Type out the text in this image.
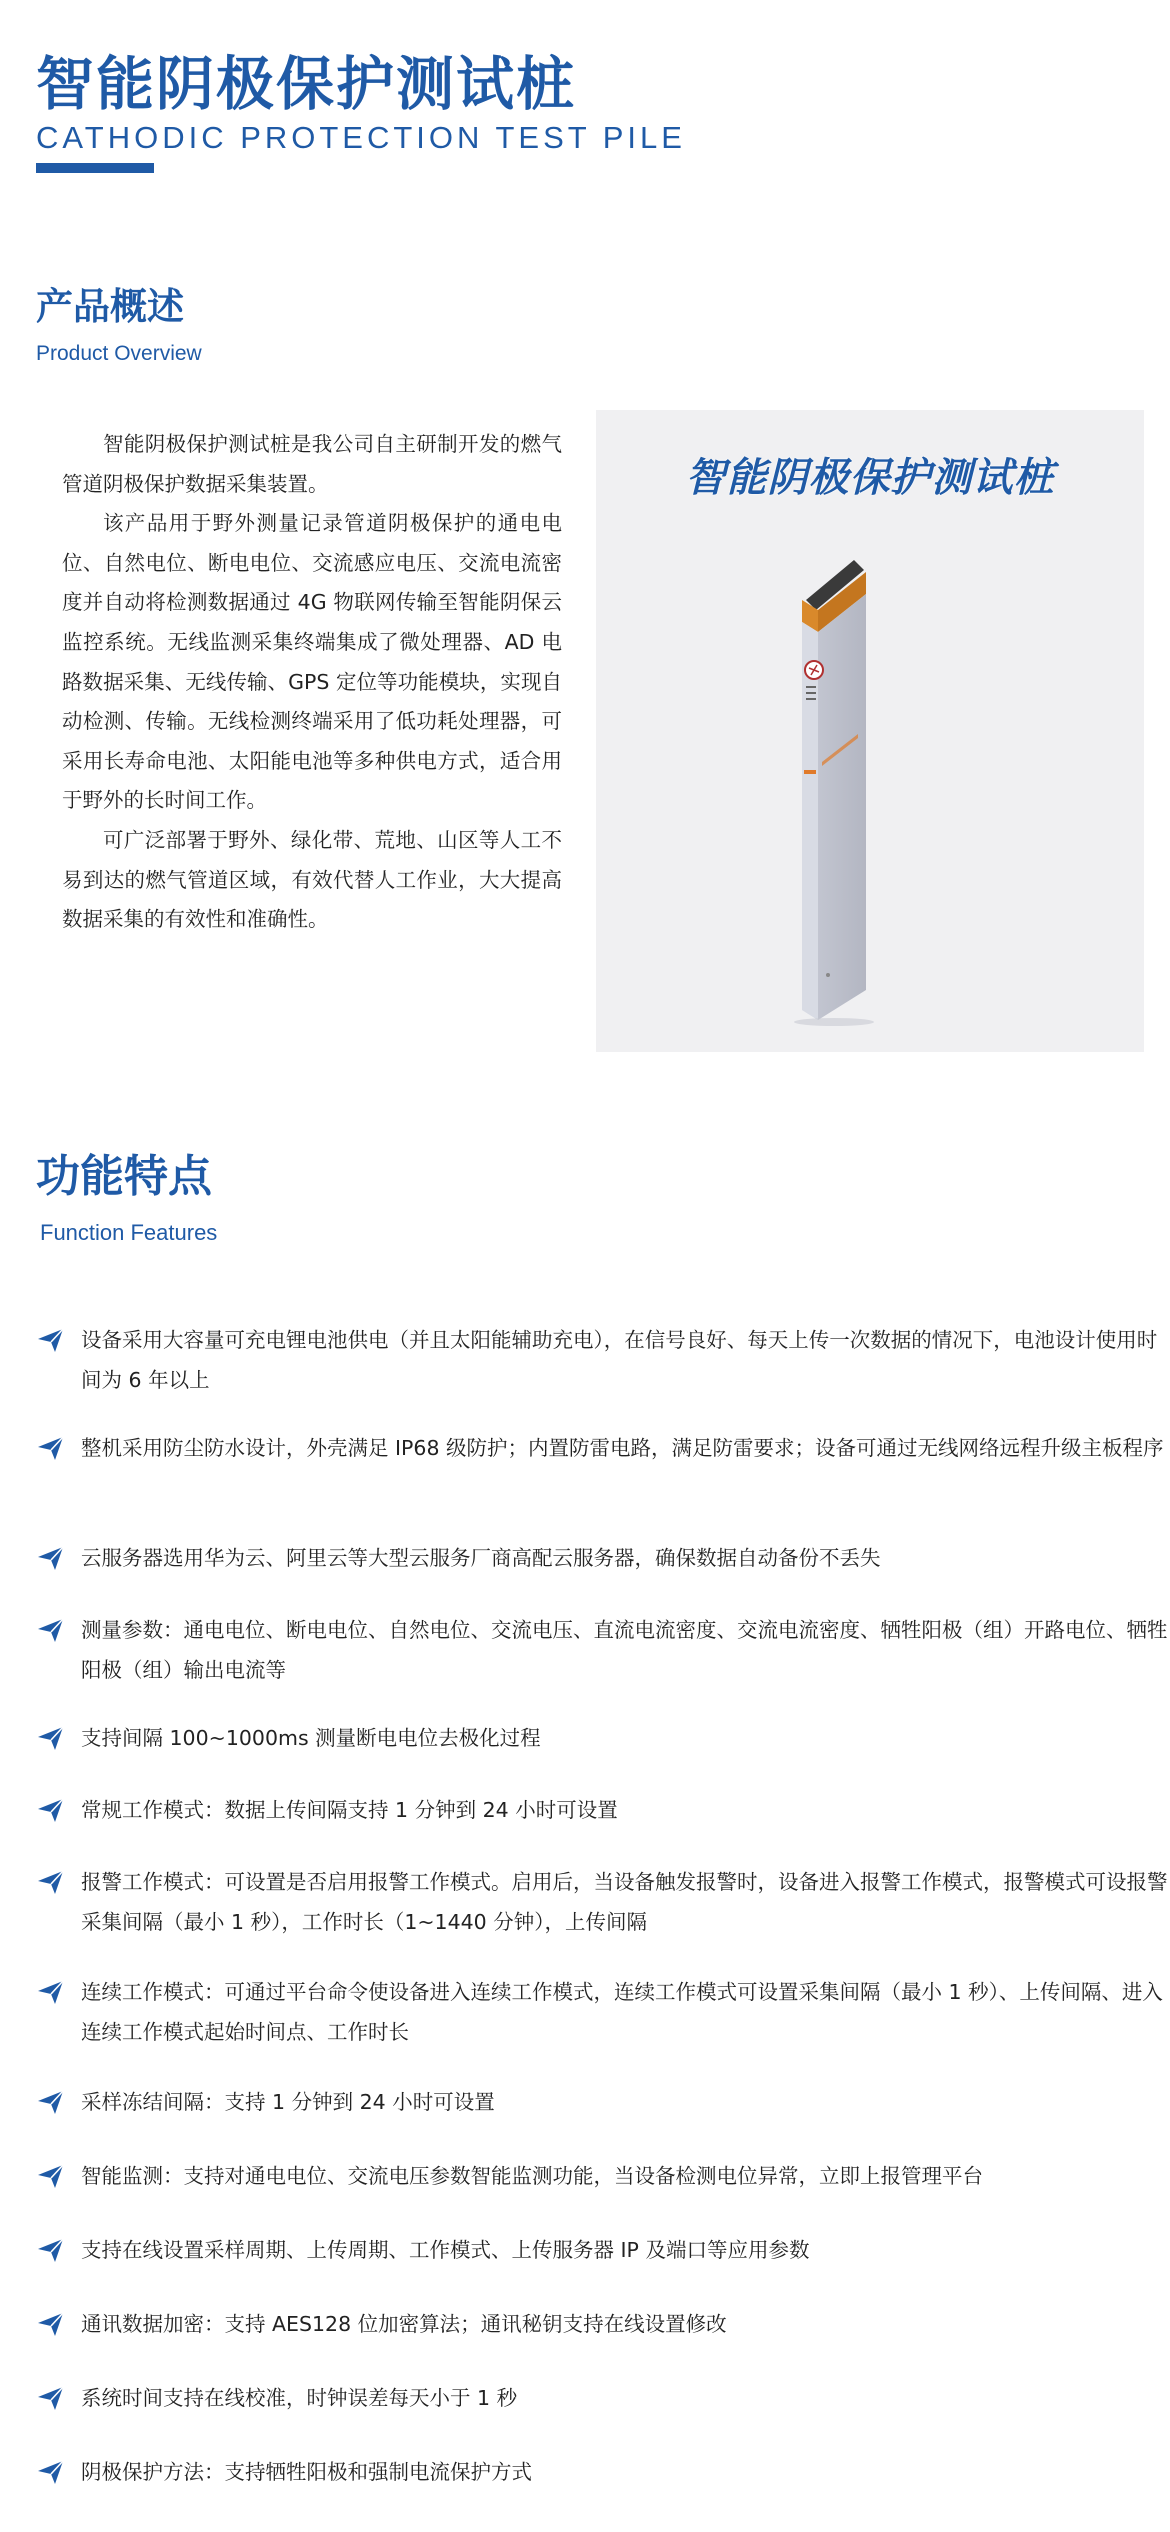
智能阴极保护测试桩
CATHODIC PROTECTION TEST PILE
产品概述
Product Overview

智能阴极保护测试桩是我公司自主研制开发的燃气管道阴极保护数据采集装置。

该产品用于野外测量记录管道阴极保护的通电电位、自然电位、断电电位、交流感应电压、交流电流密度并自动将检测数据通过 4G 物联网传输至智能阴保云监控系统。无线监测采集终端集成了微处理器、AD 电路数据采集、无线传输、GPS 定位等功能模块，实现自动检测、传输。无线检测终端采用了低功耗处理器，可采用长寿命电池、太阳能电池等多种供电方式，适合用于野外的长时间工作。

可广泛部署于野外、绿化带、荒地、山区等人工不易到达的燃气管道区域，有效代替人工作业，大大提高数据采集的有效性和准确性。

智能阴极保护测试桩
功能特点
Function Features
设备采用大容量可充电锂电池供电（并且太阳能辅助充电），在信号良好、每天上传一次数据的情况下，电池设计使用时间为 6 年以上
整机采用防尘防水设计，外壳满足 IP68 级防护；内置防雷电路，满足防雷要求；设备可通过无线网络远程升级主板程序
云服务器选用华为云、阿里云等大型云服务厂商高配云服务器，确保数据自动备份不丢失
测量参数：通电电位、断电电位、自然电位、交流电压、直流电流密度、交流电流密度、牺牲阳极（组）开路电位、牺牲阳极（组）输出电流等
支持间隔 100~1000ms 测量断电电位去极化过程
常规工作模式：数据上传间隔支持 1 分钟到 24 小时可设置
报警工作模式：可设置是否启用报警工作模式。启用后，当设备触发报警时，设备进入报警工作模式，报警模式可设报警采集间隔（最小 1 秒），工作时长（1~1440 分钟），上传间隔
连续工作模式：可通过平台命令使设备进入连续工作模式，连续工作模式可设置采集间隔（最小 1 秒）、上传间隔、进入连续工作模式起始时间点、工作时长
采样冻结间隔：支持 1 分钟到 24 小时可设置
智能监测：支持对通电电位、交流电压参数智能监测功能，当设备检测电位异常，立即上报管理平台
支持在线设置采样周期、上传周期、工作模式、上传服务器 IP 及端口等应用参数
通讯数据加密：支持 AES128 位加密算法；通讯秘钥支持在线设置修改
系统时间支持在线校准，时钟误差每天小于 1 秒
阴极保护方法：支持牺牲阳极和强制电流保护方式
